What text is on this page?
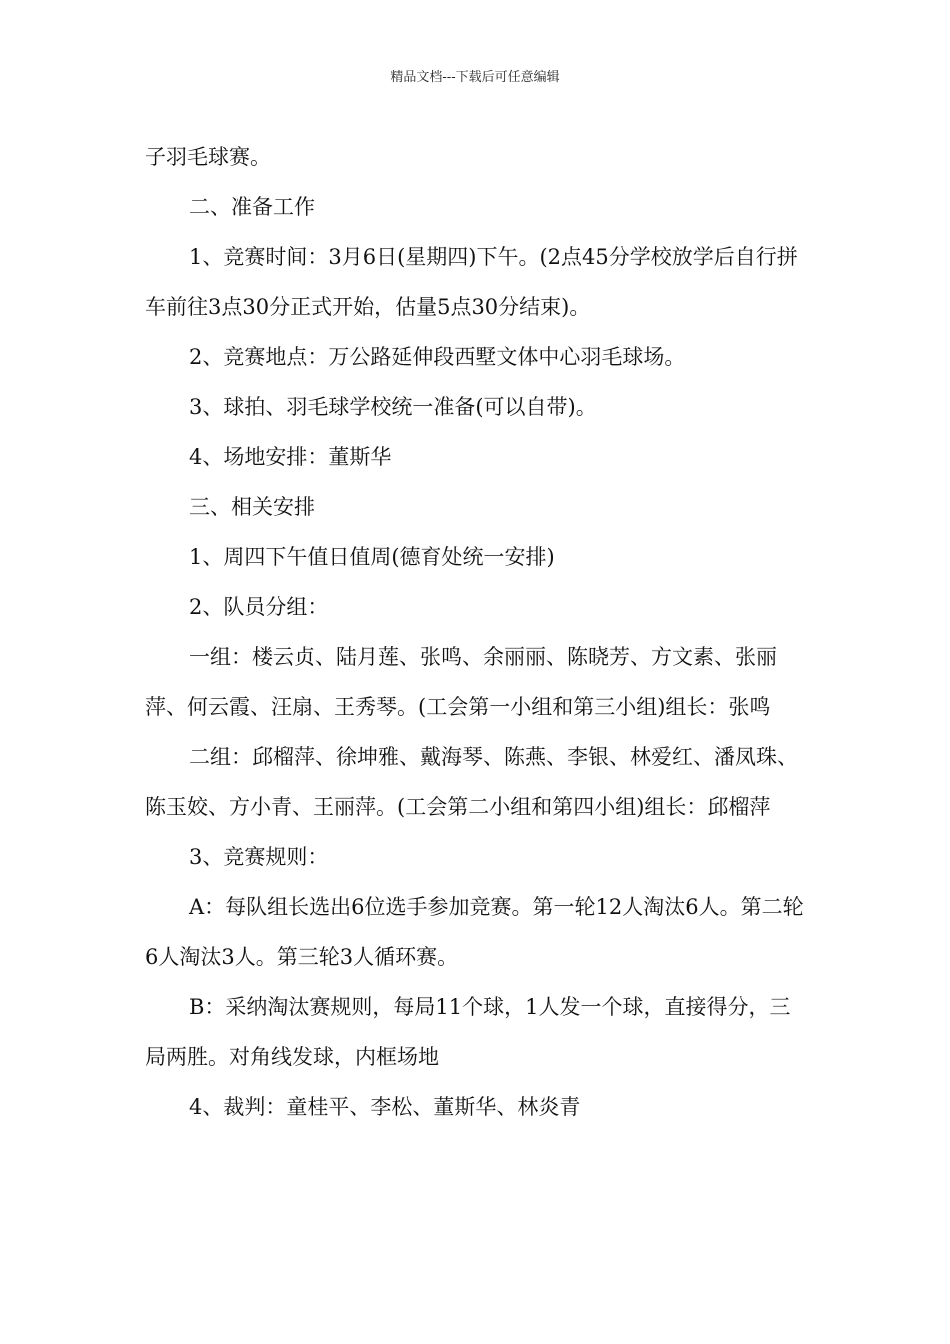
精品文档---下载后可任意编辑

子羽毛球赛。

二、准备工作

1、竞赛时间：3月6日(星期四)下午。(2点45分学校放学后自行拼车前往3点30分正式开始，估量5点30分结束)。

2、竞赛地点：万公路延伸段西墅文体中心羽毛球场。

3、球拍、羽毛球学校统一准备(可以自带)。

4、场地安排：董斯华

三、相关安排

1、周四下午值日值周(德育处统一安排)

2、队员分组：

一组：楼云贞、陆月莲、张鸣、余丽丽、陈晓芳、方文素、张丽萍、何云霞、汪扇、王秀琴。(工会第一小组和第三小组)组长：张鸣

二组：邱榴萍、徐坤雅、戴海琴、陈燕、李银、林爱红、潘凤珠、陈玉姣、方小青、王丽萍。(工会第二小组和第四小组)组长：邱榴萍

3、竞赛规则：

A：每队组长选出6位选手参加竞赛。第一轮12人淘汰6人。第二轮6人淘汰3人。第三轮3人循环赛。

B：采纳淘汰赛规则，每局11个球，1人发一个球，直接得分，三局两胜。对角线发球，内框场地

4、裁判：童桂平、李松、董斯华、林炎青
